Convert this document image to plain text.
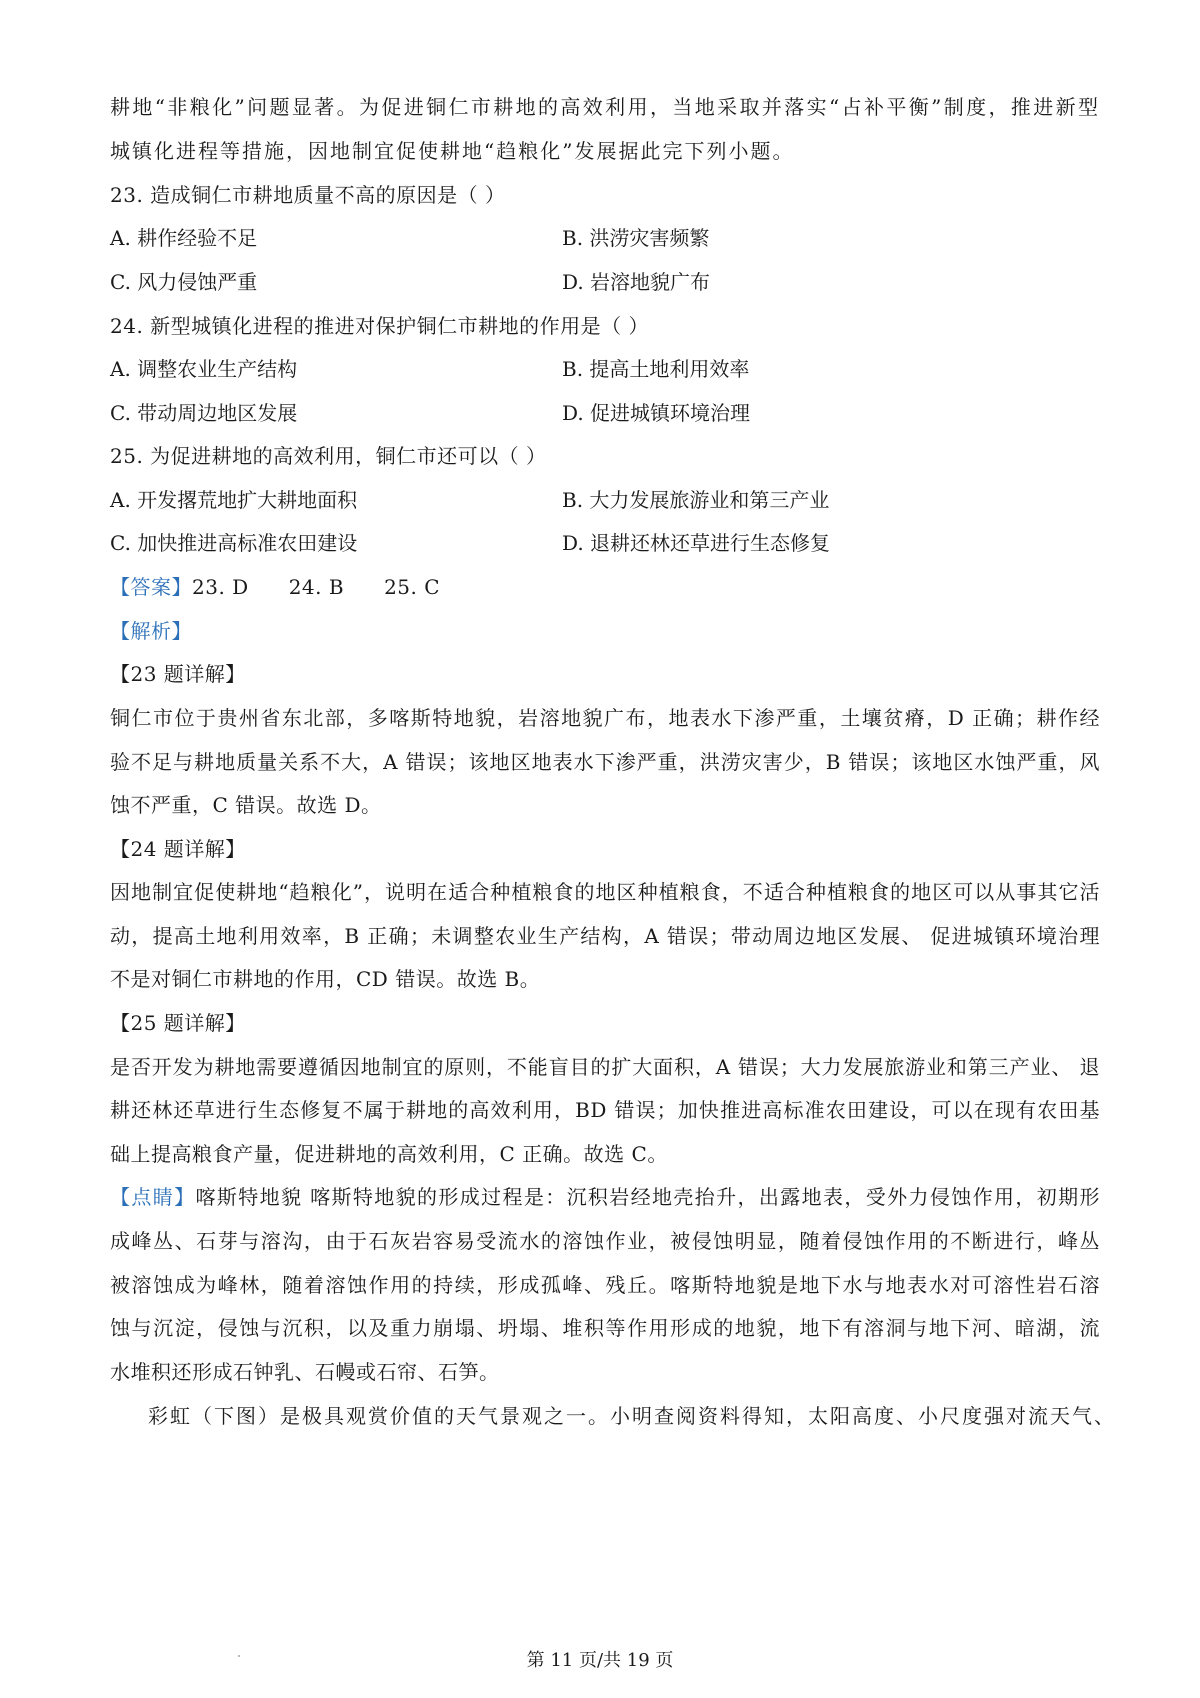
耕地“非粮化”问题显著。为促进铜仁市耕地的高效利用，当地采取并落实“占补平衡”制度，推进新型
城镇化进程等措施，因地制宜促使耕地“趋粮化”发展据此完下列小题。
23. 造成铜仁市耕地质量不高的原因是（ ）
A. 耕作经验不足	B. 洪涝灾害频繁
C. 风力侵蚀严重	D. 岩溶地貌广布
24. 新型城镇化进程的推进对保护铜仁市耕地的作用是（ ）
A. 调整农业生产结构	B. 提高土地利用效率
C. 带动周边地区发展	D. 促进城镇环境治理
25. 为促进耕地的高效利用，铜仁市还可以（ ）
A. 开发撂荒地扩大耕地面积	B. 大力发展旅游业和第三产业
C. 加快推进高标准农田建设	D. 退耕还林还草进行生态修复
【答案】23. D 24. B 25. C
【解析】
【23 题详解】
铜仁市位于贵州省东北部，多喀斯特地貌，岩溶地貌广布，地表水下渗严重，土壤贫瘠，D 正确；耕作经
验不足与耕地质量关系不大，A 错误；该地区地表水下渗严重，洪涝灾害少，B 错误；该地区水蚀严重，风
蚀不严重，C 错误。故选 D。
【24 题详解】
因地制宜促使耕地“趋粮化”，说明在适合种植粮食的地区种植粮食，不适合种植粮食的地区可以从事其它活
动，提高土地利用效率，B 正确；未调整农业生产结构，A 错误；带动周边地区发展、 促进城镇环境治理
不是对铜仁市耕地的作用，CD 错误。故选 B。
【25 题详解】
是否开发为耕地需要遵循因地制宜的原则，不能盲目的扩大面积，A 错误；大力发展旅游业和第三产业、 退
耕还林还草进行生态修复不属于耕地的高效利用，BD 错误；加快推进高标准农田建设，可以在现有农田基
础上提高粮食产量，促进耕地的高效利用，C 正确。故选 C。
【点睛】喀斯特地貌 喀斯特地貌的形成过程是：沉积岩经地壳抬升，出露地表，受外力侵蚀作用，初期形
成峰丛、石芽与溶沟，由于石灰岩容易受流水的溶蚀作业，被侵蚀明显，随着侵蚀作用的不断进行，峰丛
被溶蚀成为峰林，随着溶蚀作用的持续，形成孤峰、残丘。喀斯特地貌是地下水与地表水对可溶性岩石溶
蚀与沉淀，侵蚀与沉积，以及重力崩塌、坍塌、堆积等作用形成的地貌，地下有溶洞与地下河、暗湖，流
水堆积还形成石钟乳、石幔或石帘、石笋。
彩虹（下图）是极具观赏价值的天气景观之一。小明查阅资料得知，太阳高度、小尺度强对流天气、
第 11 页/共 19 页
